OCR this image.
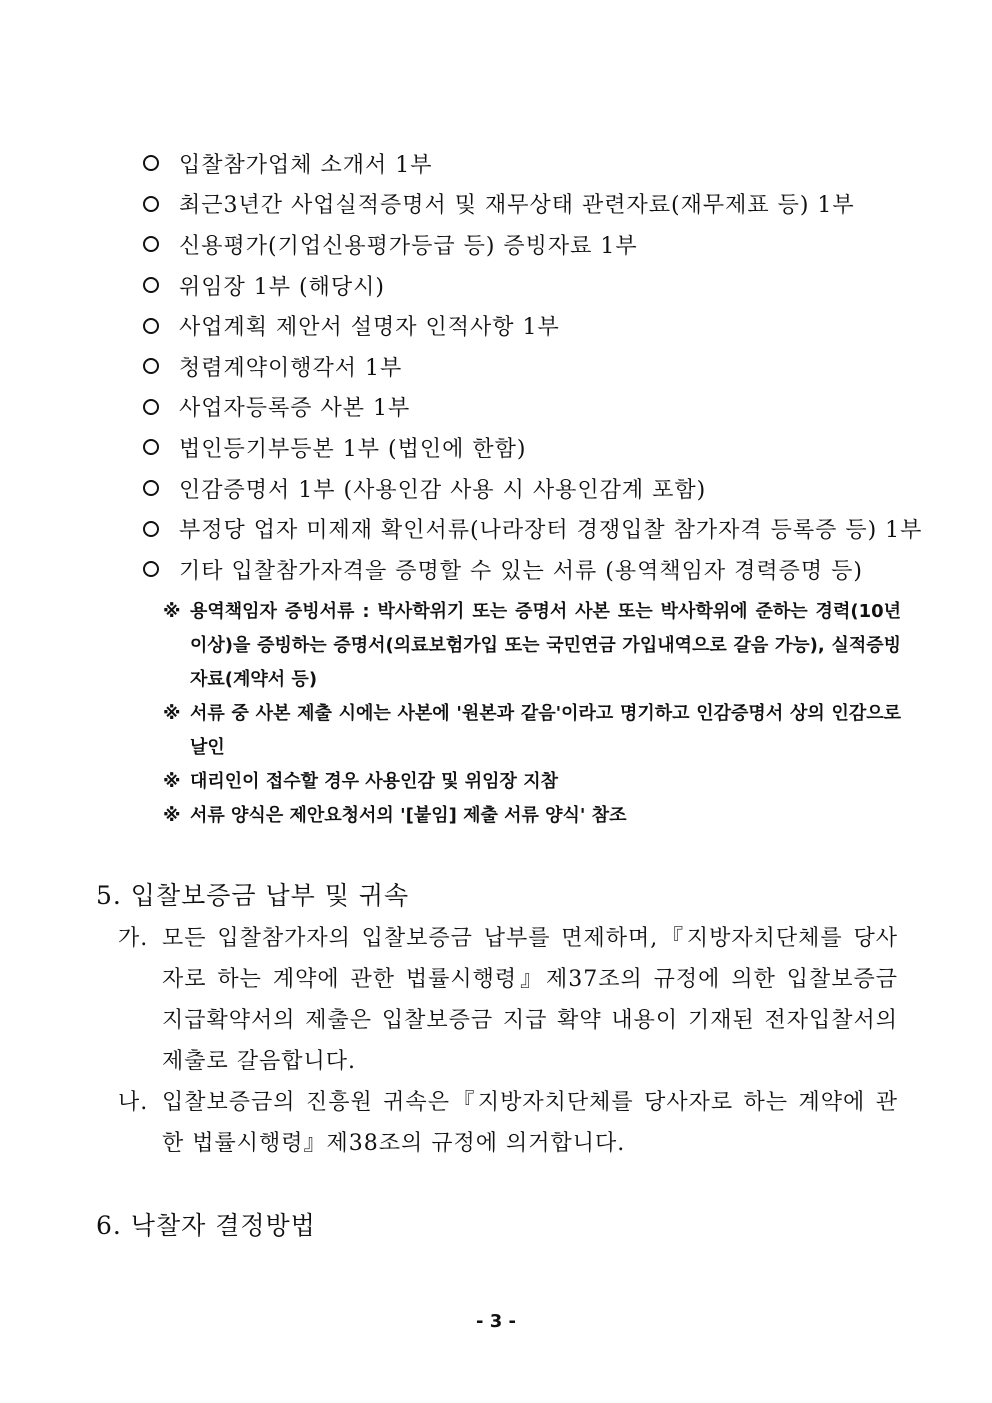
입찰참가업체 소개서 1부
최근3년간 사업실적증명서 및 재무상태 관련자료(재무제표 등) 1부
신용평가(기업신용평가등급 등) 증빙자료 1부
위임장 1부 (해당시)
사업계획 제안서 설명자 인적사항 1부
청렴계약이행각서 1부
사업자등록증 사본 1부
법인등기부등본 1부 (법인에 한함)
인감증명서 1부 (사용인감 사용 시 사용인감계 포함)
부정당 업자 미제재 확인서류(나라장터 경쟁입찰 참가자격 등록증 등) 1부
기타 입찰참가자격을 증명할 수 있는 서류 (용역책임자 경력증명 등)
※ 용역책임자 증빙서류 : 박사학위기 또는 증명서 사본 또는 박사학위에 준하는 경력(10년 이상)을 증빙하는 증명서(의료보험가입 또는 국민연금 가입내역으로 갈음 가능), 실적증빙자료(계약서 등)
※ 서류 중 사본 제출 시에는 사본에 '원본과 같음'이라고 명기하고 인감증명서 상의 인감으로 날인
※ 대리인이 접수할 경우 사용인감 및 위임장 지참
※ 서류 양식은 제안요청서의 '[붙임] 제출 서류 양식' 참조
5. 입찰보증금 납부 및 귀속
가. 모든 입찰참가자의 입찰보증금 납부를 면제하며,『지방자치단체를 당사자로 하는 계약에 관한 법률시행령』제37조의 규정에 의한 입찰보증금 지급확약서의 제출은 입찰보증금 지급 확약 내용이 기재된 전자입찰서의 제출로 갈음합니다.
나. 입찰보증금의 진흥원 귀속은『지방자치단체를 당사자로 하는 계약에 관한 법률시행령』제38조의 규정에 의거합니다.
6. 낙찰자 결정방법
- 3 -
